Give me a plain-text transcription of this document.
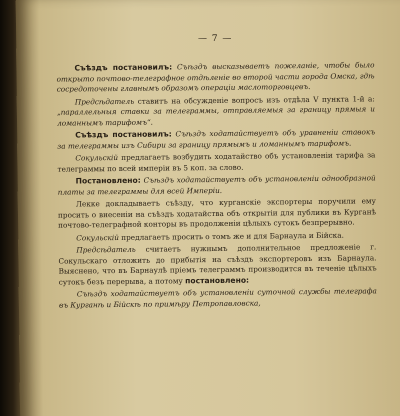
— 7 —

Съѣздъ постановилъ: Съѣздъ высказываетъ пожеланіе, чтобы было открыто почтово-телеграфное отдѣленіе во второй части города Омска, гдѣ сосредоточены главнымъ образомъ операціи маслоторговцевъ.

Предсѣдатель ставитъ на обсужденіе вопросъ изъ отдѣла V пункта 1-й а: „параллельныя ставки за телеграммы, отправляемыя за границу прямыя и ломаннымъ тарифомъ“.

Съѣздъ постановилъ: Съѣздъ ходатайствуетъ объ уравненіи ставокъ за телеграммы изъ Сибири за границу прямымъ и ломаннымъ тарифомъ.

Сокульскій предлагаетъ возбудить ходатайство объ установленіи тарифа за телеграммы по всей имперіи въ 5 коп. за слово.

Постановлено: Съѣздъ ходатайствуетъ объ установленіи однообразной платы за телеграммы для всей Имперіи.

Лекке докладываетъ съѣзду, что курганскіе экспортеры поручили ему просить о внесеніи на съѣздъ ходатайства объ открытіи для публики въ Курганѣ почтово-телеграфной конторы въ продолженіи цѣлыхъ сутокъ безпрерывно.

Сокульскій предлагаетъ просить о томъ же и для Барнаула и Бійска.

Предсѣдатель считаетъ нужнымъ дополнительное предложеніе г. Сокульскаго отложить до прибытія на съѣздъ экспортеровъ изъ Барнаула. Выяснено, что въ Барнаулѣ пріемъ телеграммъ производится въ теченіе цѣлыхъ сутокъ безъ перерыва, а потому постановлено:

Съѣздъ ходатайствуетъ объ установленіи суточной службы телеграфа въ Курганѣ и Бійскѣ по примѣру Петропавловска,
